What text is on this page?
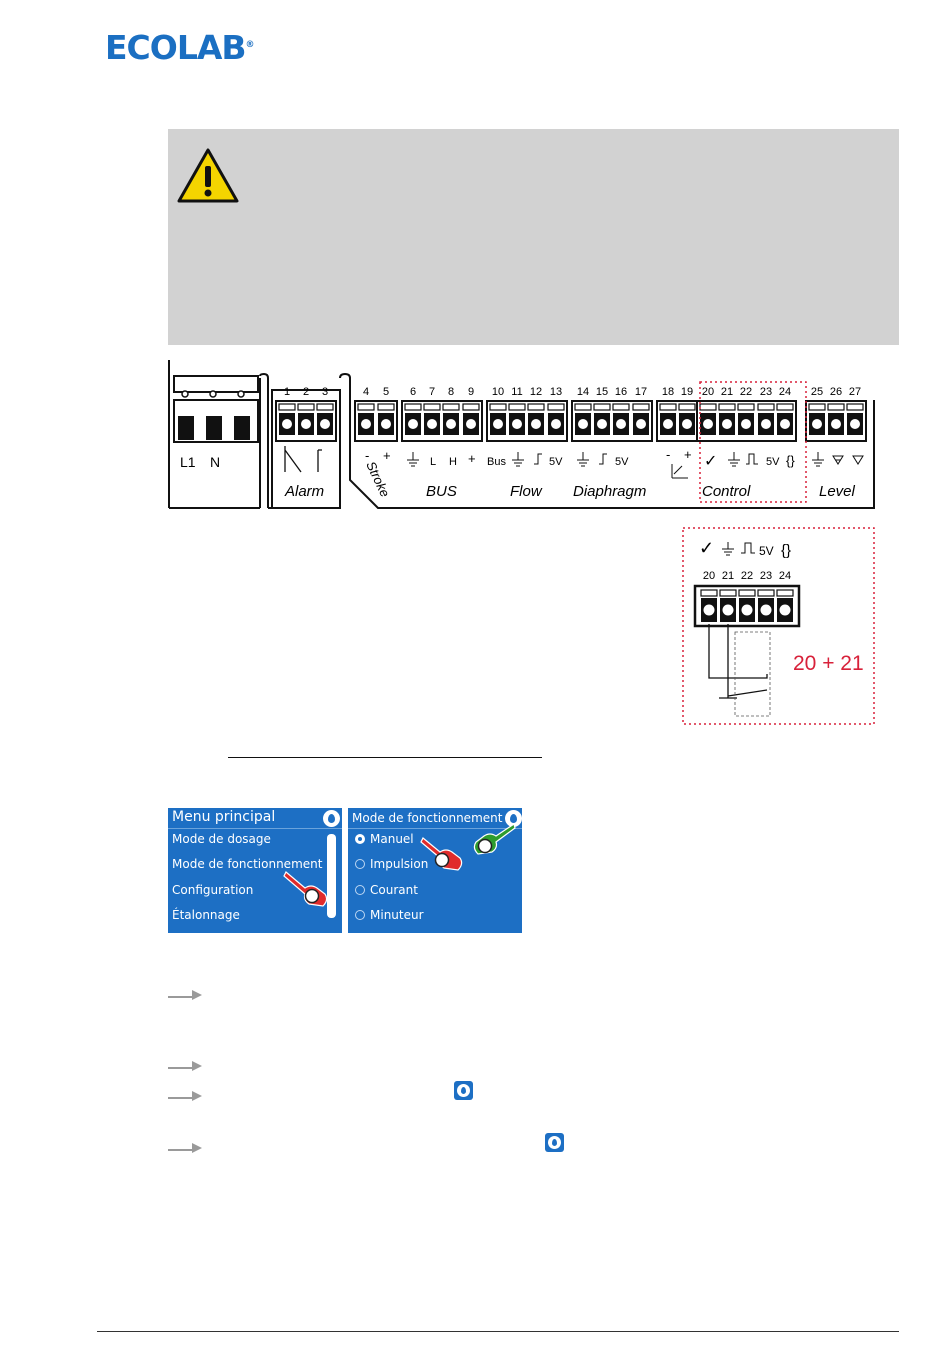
ECOLAB®
L1 N
1 2 3	4 5 6 7 8 9 10 11 12 13 14 15 16 17 18 19 20 21 22 23 24 25 26 27
Alarm	Stroke BUS	Flow Diaphragm	Control	Level
- +	L H + Bus	5V	5V	- +	5V {}
✓
✓	5V {}
20 21 22 23 24
20 + 21
Menu principal
Mode de dosage
Mode de fonctionnement
Configuration
Étalonnage
Mode de fonctionnement
Manuel
Impulsion
Courant
Minuteur
